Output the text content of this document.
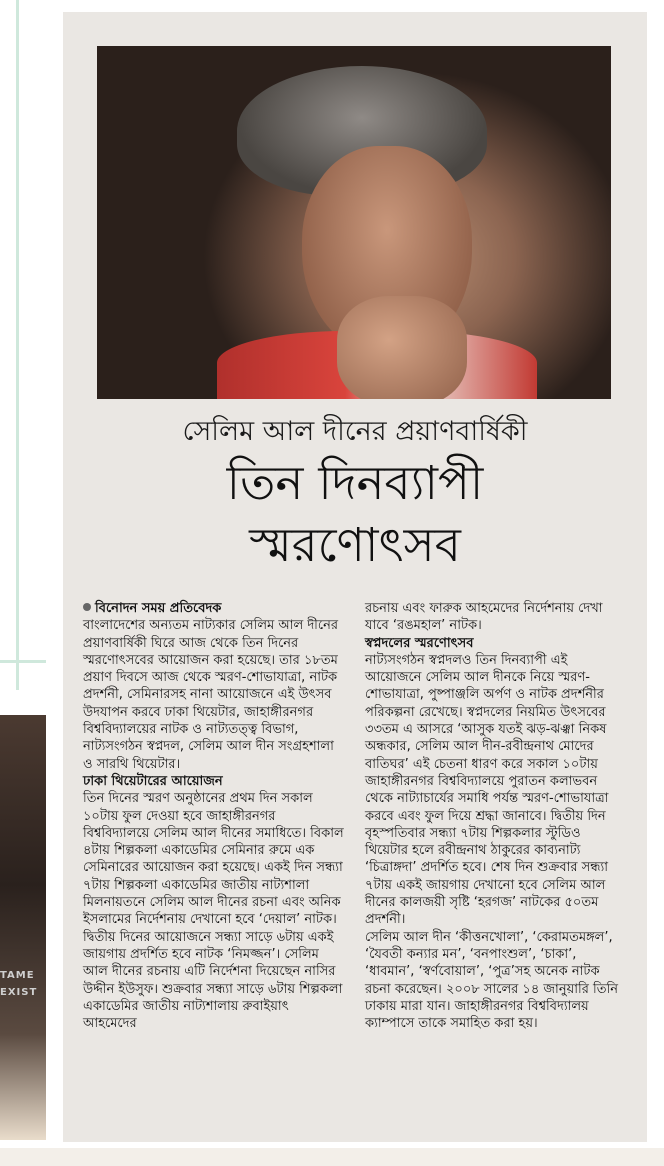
TAME
EXIST
সেলিম আল দীনের প্রয়াণবার্ষিকী
তিন দিনব্যাপী স্মরণোৎসব

বিনোদন সময় প্রতিবেদক

বাংলাদেশের অন্যতম নাট্যকার সেলিম আল দীনের প্রয়াণবার্ষিকী ঘিরে আজ থেকে তিন দিনের স্মরণোৎসবের আয়োজন করা হয়েছে। তার ১৮তম প্রয়াণ দিবসে আজ থেকে স্মরণ-শোভাযাত্রা, নাটক প্রদর্শনী, সেমিনারসহ নানা আয়োজনে এই উৎসব উদযাপন করবে ঢাকা থিয়েটার, জাহাঙ্গীরনগর বিশ্ববিদ্যালয়ের নাটক ও নাট্যতত্ত্ব বিভাগ, নাট্যসংগঠন স্বপ্নদল, সেলিম আল দীন সংগ্রহশালা ও সারথি থিয়েটার।

ঢাকা থিয়েটারের আয়োজন

তিন দিনের স্মরণ অনুষ্ঠানের প্রথম দিন সকাল ১০টায় ফুল দেওয়া হবে জাহাঙ্গীরনগর বিশ্ববিদ্যালয়ে সেলিম আল দীনের সমাধিতে। বিকাল ৪টায় শিল্পকলা একাডেমির সেমিনার রুমে এক সেমিনারের আয়োজন করা হয়েছে। একই দিন সন্ধ্যা ৭টায় শিল্পকলা একাডেমির জাতীয় নাট্যশালা মিলনায়তনে সেলিম আল দীনের রচনা এবং অনিক ইসলামের নির্দেশনায় দেখানো হবে ‘দেয়াল’ নাটক। দ্বিতীয় দিনের আয়োজনে সন্ধ্যা সাড়ে ৬টায় একই জায়গায় প্রদর্শিত হবে নাটক ‘নিমজ্জন’। সেলিম আল দীনের রচনায় এটি নির্দেশনা দিয়েছেন নাসির উদ্দীন ইউসুফ। শুক্রবার সন্ধ্যা সাড়ে ৬টায় শিল্পকলা একাডেমির জাতীয় নাট্যশালায় রুবাইয়াৎ আহমেদের

রচনায় এবং ফারুক আহমেদের নির্দেশনায় দেখা যাবে ‘রঙমহাল’ নাটক।

স্বপ্নদলের স্মরণোৎসব

নাট্যসংগঠন স্বপ্নদলও তিন দিনব্যাপী এই আয়োজনে সেলিম আল দীনকে নিয়ে স্মরণ-শোভাযাত্রা, পুষ্পাঞ্জলি অর্পণ ও নাটক প্রদর্শনীর পরিকল্পনা রেখেছে। স্বপ্নদলের নিয়মিত উৎসবের ৩৩তম এ আসরে ‘আসুক যতই ঝড়-ঝঞ্ঝা নিকষ অন্ধকার, সেলিম আল দীন-রবীন্দ্রনাথ মোদের বাতিঘর’ এই চেতনা ধারণ করে সকাল ১০টায় জাহাঙ্গীরনগর বিশ্ববিদ্যালয়ে পুরাতন কলাভবন থেকে নাট্যাচার্যের সমাধি পর্যন্ত স্মরণ-শোভাযাত্রা করবে এবং ফুল দিয়ে শ্রদ্ধা জানাবে। দ্বিতীয় দিন বৃহস্পতিবার সন্ধ্যা ৭টায় শিল্পকলার স্টুডিও থিয়েটার হলে রবীন্দ্রনাথ ঠাকুরের কাব্যনাট্য ‘চিত্রাঙ্গদা’ প্রদর্শিত হবে। শেষ দিন শুক্রবার সন্ধ্যা ৭টায় একই জায়গায় দেখানো হবে সেলিম আল দীনের কালজয়ী সৃষ্টি ‘হরগজ’ নাটকের ৫০তম প্রদর্শনী।

সেলিম আল দীন ‘কীত্তনখোলা’, ‘কেরামতমঙ্গল’, ‘যৈবতী কন্যার মন’, ‘বনপাংশুল’, ‘চাকা’, ‘ধাবমান’, ‘স্বর্ণবোয়াল’, ‘পুত্র’সহ অনেক নাটক রচনা করেছেন। ২০০৮ সালের ১৪ জানুয়ারি তিনি ঢাকায় মারা যান। জাহাঙ্গীরনগর বিশ্ববিদ্যালয় ক্যাম্পাসে তাকে সমাহিত করা হয়।
